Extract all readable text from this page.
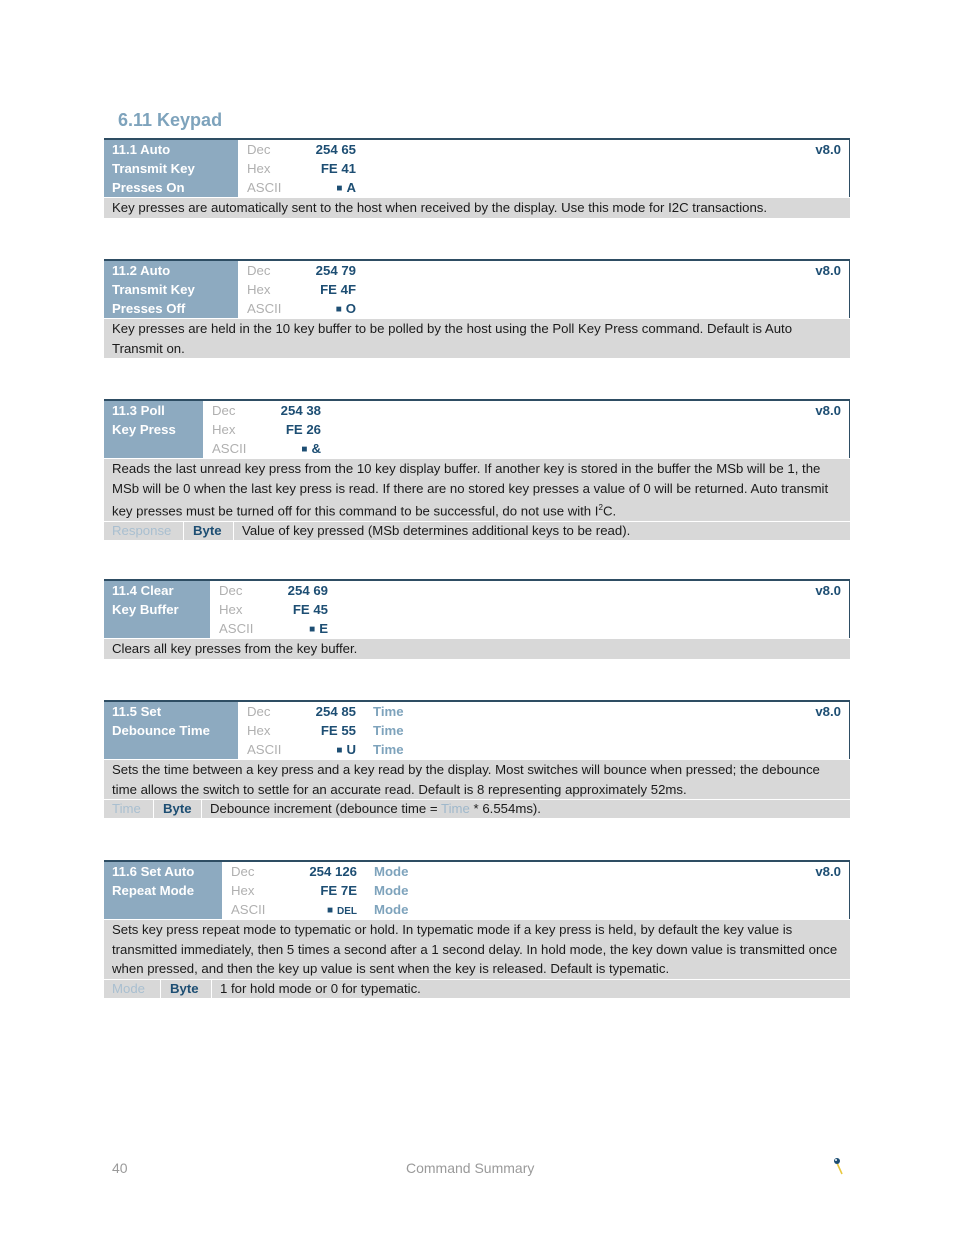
6.11 Keypad
11.1 Auto
Transmit Key
Presses On
Dec	254 65
Hex	FE 41
ASCII	■ A
v8.0
Key presses are automatically sent to the host when received by the display. Use this mode for I2C transactions.
11.2 Auto
Transmit Key
Presses Off
Dec	254 79
Hex	FE 4F
ASCII	■ O
v8.0
Key presses are held in the 10 key buffer to be polled by the host using the Poll Key Press command. Default is Auto Transmit on.
11.3 Poll
Key Press
Dec	254 38
Hex	FE 26
ASCII	■ &
v8.0
Reads the last unread key press from the 10 key display buffer. If another key is stored in the buffer the MSb will be 1, the MSb will be 0 when the last key press is read. If there are no stored key presses a value of 0 will be returned. Auto transmit key presses must be turned off for this command to be successful, do not use with $I^2C$.
Response	Byte	Value of key pressed (MSb determines additional keys to be read).
11.4 Clear
Key Buffer
Dec	254 69
Hex	FE 45
ASCII	■ E
v8.0
Clears all key presses from the key buffer.
11.5 Set
Debounce Time
Dec	254 85	Time
Hex	FE 55	Time
ASCII	■ U	Time
v8.0
Sets the time between a key press and a key read by the display. Most switches will bounce when pressed; the debounce time allows the switch to settle for an accurate read. Default is 8 representing approximately 52ms.
Time	Byte	Debounce increment (debounce time = Time * 6.554ms).
11.6 Set Auto
Repeat Mode
Dec	254 126	Mode
Hex	FE 7E	Mode
ASCII	■ DEL	Mode
v8.0
Sets key press repeat mode to typematic or hold. In typematic mode if a key press is held, by default the key value is transmitted immediately, then 5 times a second after a 1 second delay. In hold mode, the key down value is transmitted once when pressed, and then the key up value is sent when the key is released. Default is typematic.
Mode	Byte	1 for hold mode or 0 for typematic.
40	Command Summary
